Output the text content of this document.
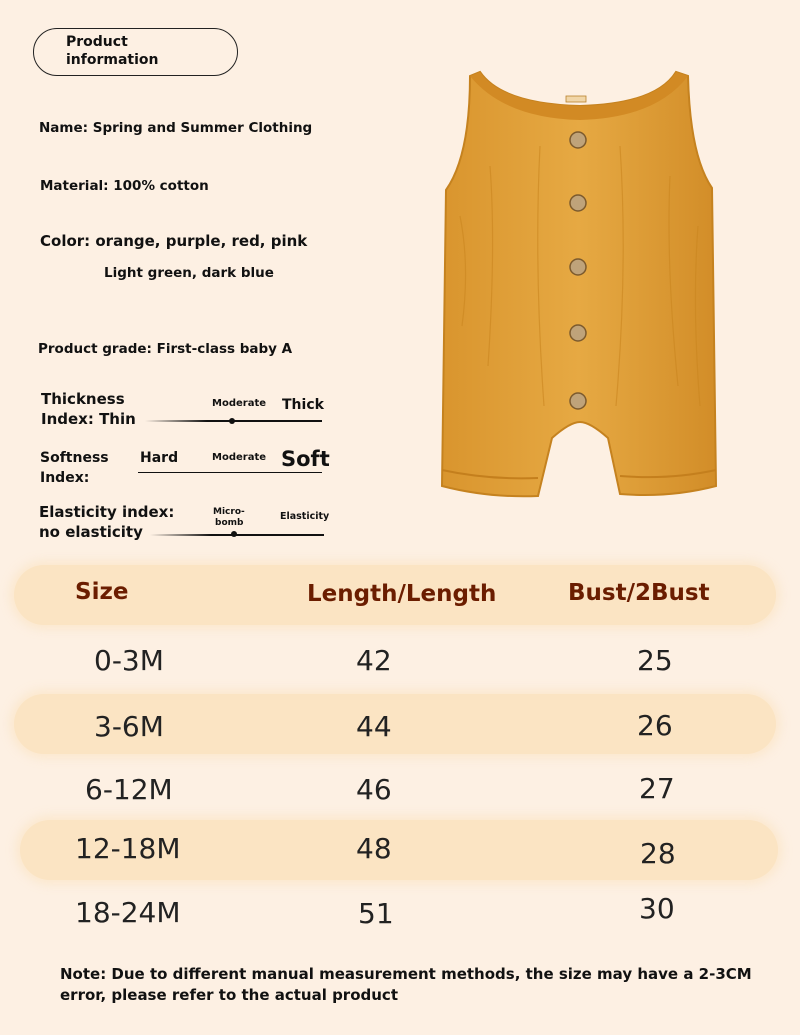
Product
information
Name: Spring and Summer Clothing
Material: 100% cotton
Color: orange, purple, red, pink
Light green, dark blue
Product grade: First-class baby A
Thickness
Index: Thin
Moderate Thick
Softness
Index:
Hard	Moderate Soft
Elasticity index:
no elasticity
Micro-
bomb
Elasticity
Size	Length/Length	Bust/2Bust
0-3M	42	25
3-6M	44	26
6-12M	46	27
12-18M	48	28
18-24M	51	30
Note: Due to different manual measurement methods, the size may have a 2-3CM error, please refer to the actual product
